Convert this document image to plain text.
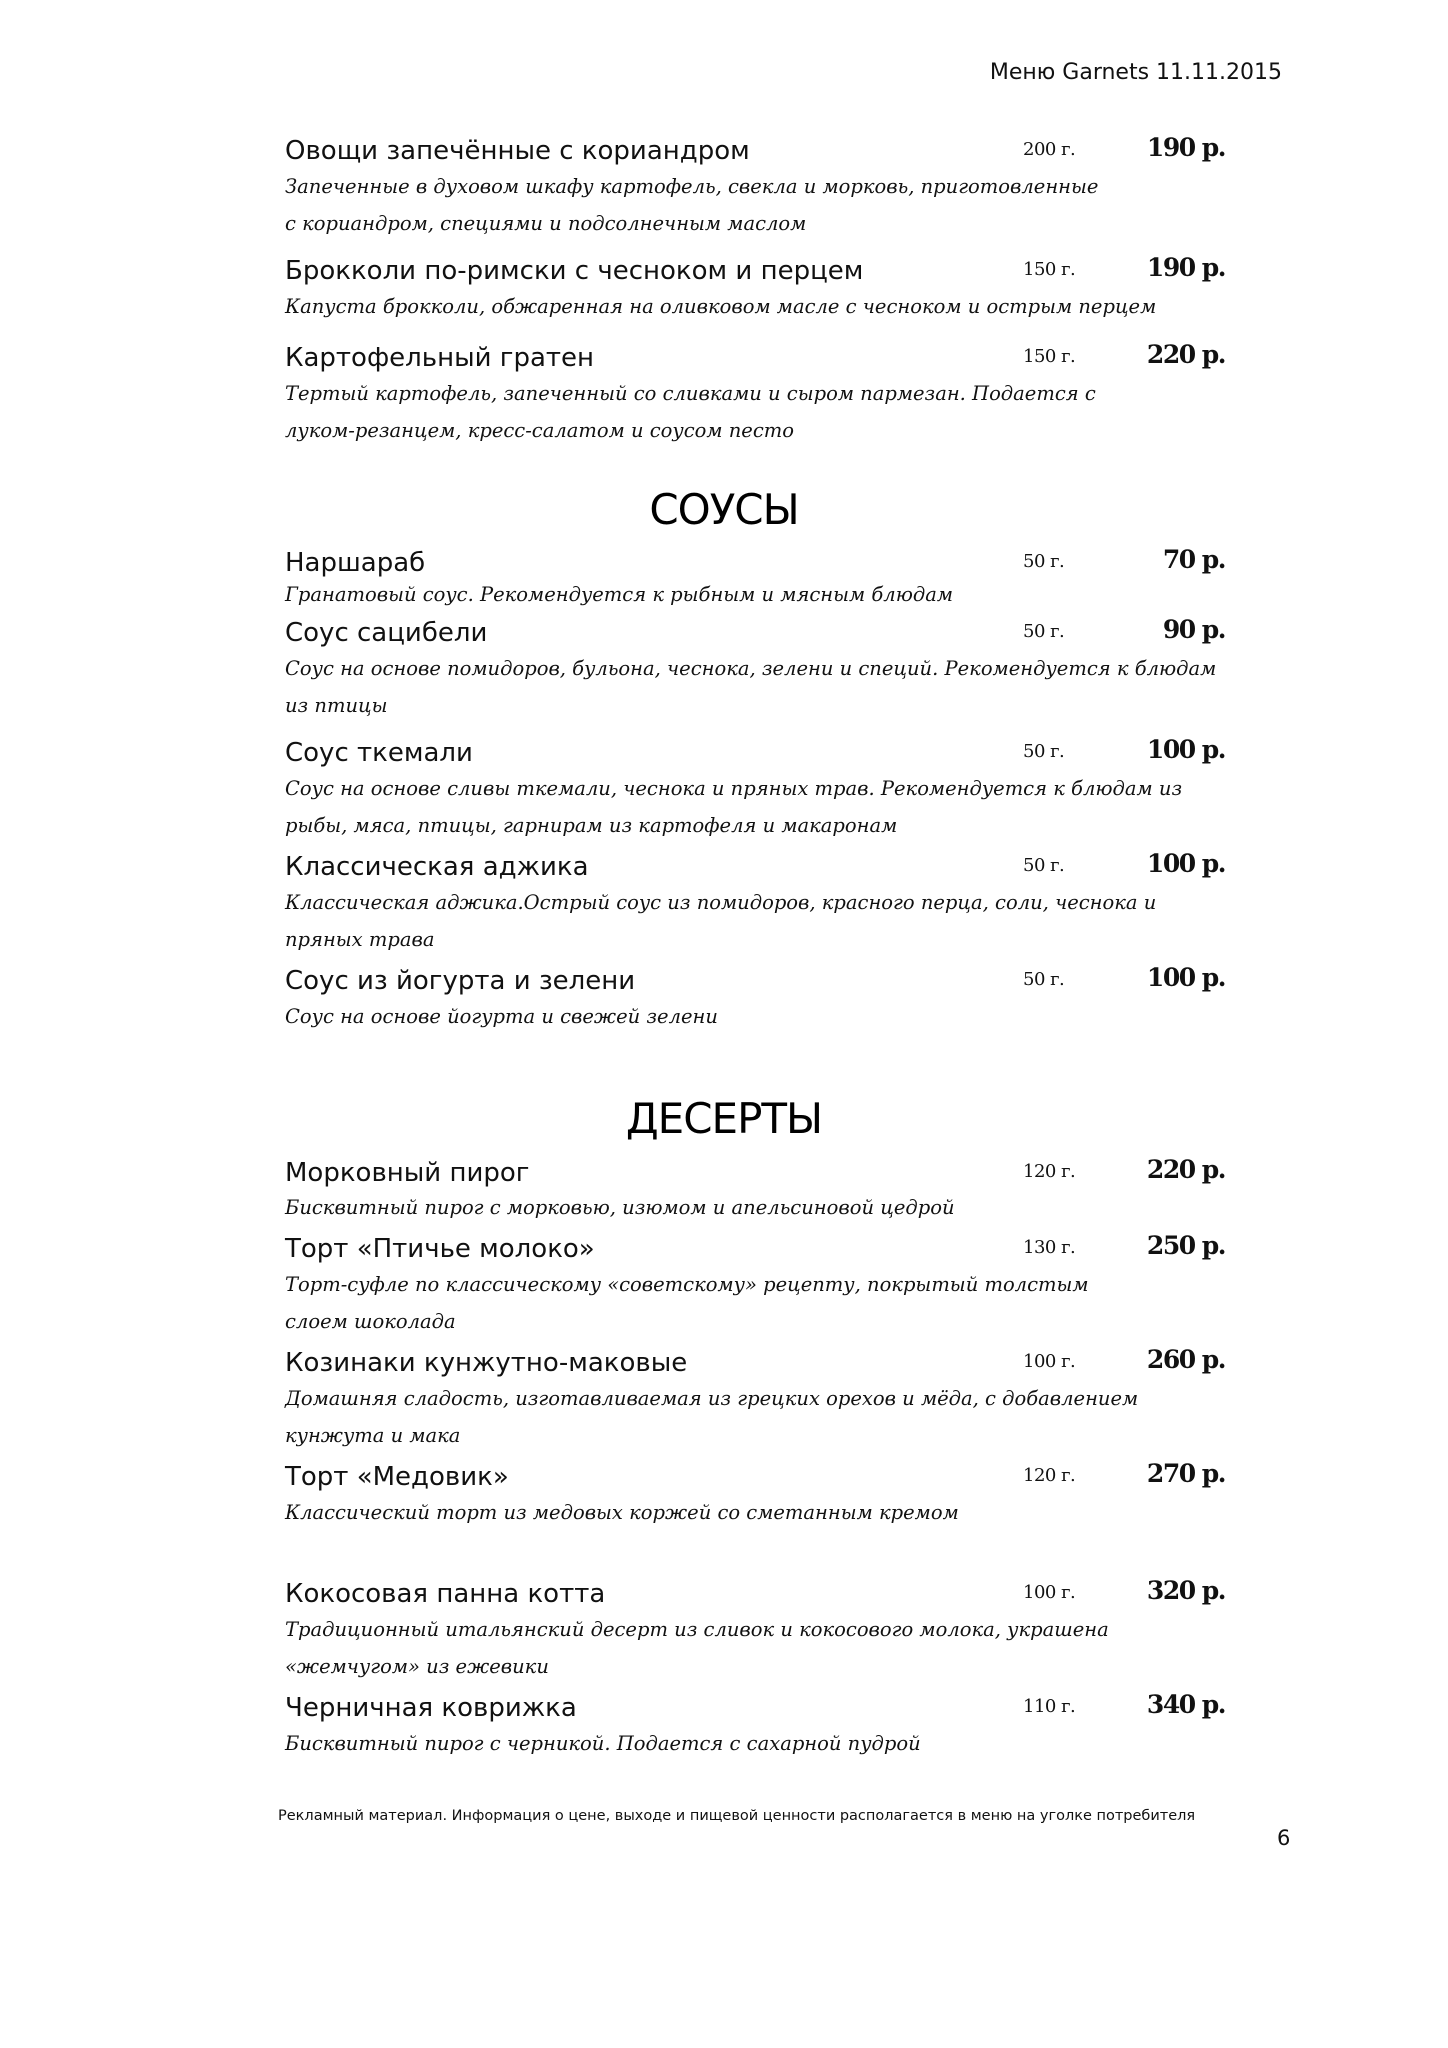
Меню Garnets 11.11.2015
Овощи запечённые с кориандром	200 г.	190 р.
Запеченные в духовом шкафу картофель, свекла и морковь, приготовленные с кориандром, специями и подсолнечным маслом
Брокколи по-римски с чесноком и перцем	150 г.	190 р.
Капуста брокколи, обжаренная на оливковом масле с чесноком и острым перцем
Картофельный гратен	150 г.	220 р.
Тертый картофель, запеченный со сливками и сыром пармезан. Подается с луком-резанцем, кресс-салатом и соусом песто
СОУСЫ
Наршараб	50 г.	70 р.
Гранатовый соус. Рекомендуется к рыбным и мясным блюдам
Соус сацибели	50 г.	90 р.
Соус на основе помидоров, бульона, чеснока, зелени и специй. Рекомендуется к блюдам из птицы
Соус ткемали	50 г.	100 р.
Соус на основе сливы ткемали, чеснока и пряных трав. Рекомендуется к блюдам из рыбы, мяса, птицы, гарнирам из картофеля и макаронам
Классическая аджика	50 г.	100 р.
Классическая аджика.Острый соус из помидоров, красного перца, соли, чеснока и пряных трава
Соус из йогурта и зелени	50 г.	100 р.
Соус на основе йогурта и свежей зелени
ДЕСЕРТЫ
Морковный пирог	120 г.	220 р.
Бисквитный пирог с морковью, изюмом и апельсиновой цедрой
Торт «Птичье молоко»	130 г.	250 р.
Торт-суфле по классическому «советскому» рецепту, покрытый толстым слоем шоколада
Козинаки кунжутно-маковые	100 г.	260 р.
Домашняя сладость, изготавливаемая из грецких орехов и мёда, с добавлением кунжута и мака
Торт «Медовик»	120 г.	270 р.
Классический торт из медовых коржей со сметанным кремом
Кокосовая панна котта	100 г.	320 р.
Традиционный итальянский десерт из сливок и кокосового молока, украшена «жемчугом» из ежевики
Черничная коврижка	110 г.	340 р.
Бисквитный пирог с черникой. Подается с сахарной пудрой
Рекламный материал. Информация о цене, выходе и пищевой ценности располагается в меню на уголке потребителя
6
